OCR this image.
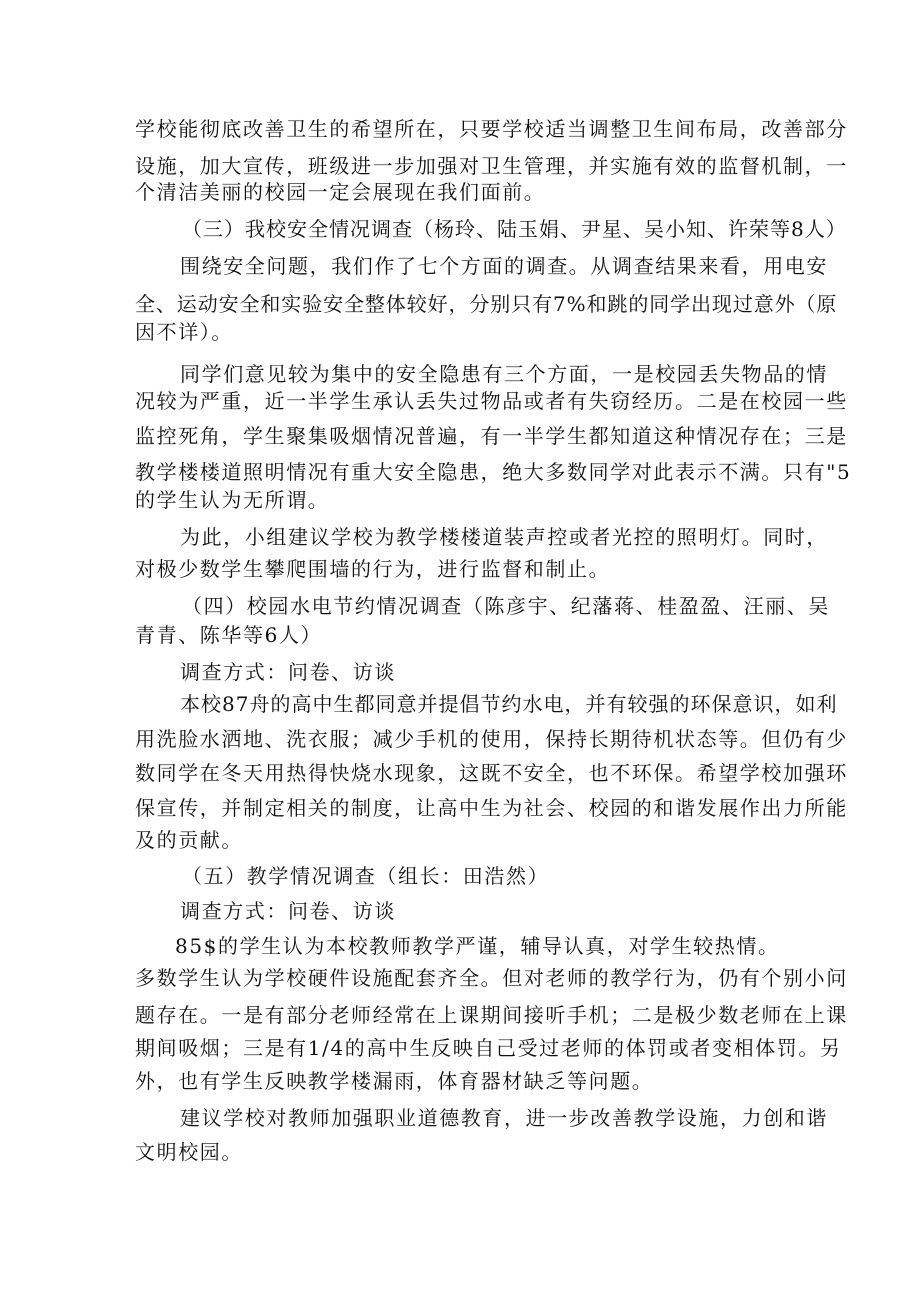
学校能彻底改善卫生的希望所在，只要学校适当调整卫生间布局，改善部分
设施，加大宣传，班级进一步加强对卫生管理，并实施有效的监督机制，一
个清洁美丽的校园一定会展现在我们面前。
（三）我校安全情况调查（杨玲、陆玉娟、尹星、吴小知、许荣等8人）
围绕安全问题，我们作了七个方面的调查。从调查结果来看，用电安
全、运动安全和实验安全整体较好，分别只有7%和跳的同学出现过意外（原
因不详）。
同学们意见较为集中的安全隐患有三个方面，一是校园丢失物品的情
况较为严重，近一半学生承认丢失过物品或者有失窃经历。二是在校园一些
监控死角，学生聚集吸烟情况普遍，有一半学生都知道这种情况存在；三是
教学楼楼道照明情况有重大安全隐患，绝大多数同学对此表示不满。只有"5
的学生认为无所谓。
为此，小组建议学校为教学楼楼道装声控或者光控的照明灯。同时，
对极少数学生攀爬围墙的行为，进行监督和制止。
（四）校园水电节约情况调查（陈彦宇、纪藩蒋、桂盈盈、汪丽、吴
青青、陈华等6人）
调查方式：问卷、访谈
本校87舟的高中生都同意并提倡节约水电，并有较强的环保意识，如利
用洗脸水洒地、洗衣服；减少手机的使用，保持长期待机状态等。但仍有少
数同学在冬天用热得快烧水现象，这既不安全，也不环保。希望学校加强环
保宣传，并制定相关的制度，让高中生为社会、校园的和谐发展作出力所能
及的贡献。
（五）教学情况调查（组长：田浩然）
调查方式：问卷、访谈
85$的学生认为本校教师教学严谨，辅导认真，对学生较热情。
多数学生认为学校硬件设施配套齐全。但对老师的教学行为，仍有个别小问
题存在。一是有部分老师经常在上课期间接听手机；二是极少数老师在上课
期间吸烟；三是有1/4的高中生反映自己受过老师的体罚或者变相体罚。另
外，也有学生反映教学楼漏雨，体育器材缺乏等问题。
建议学校对教师加强职业道德教育，进一步改善教学设施，力创和谐
文明校园。
